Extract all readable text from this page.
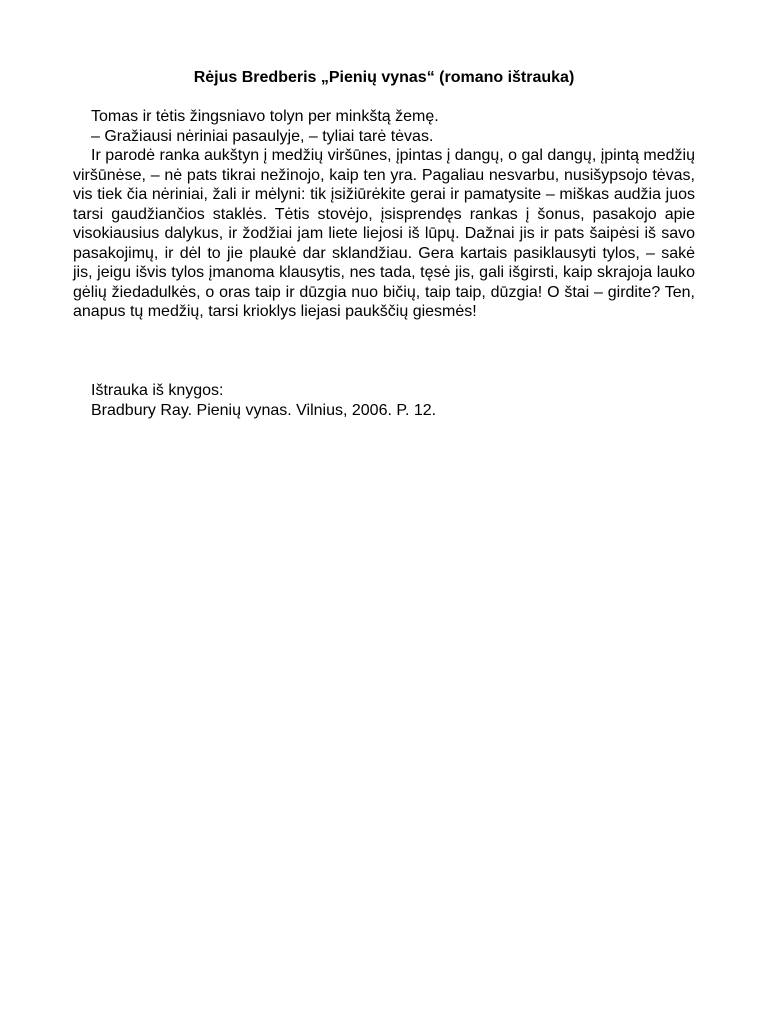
Rėjus Bredberis „Pienių vynas“ (romano ištrauka)

Tomas ir tėtis žingsniavo tolyn per minkštą žemę.

– Gražiausi nėriniai pasaulyje, – tyliai tarė tėvas.

Ir parodė ranka aukštyn į medžių viršūnes, įpintas į dangų, o gal dangų, įpintą medžių viršūnėse, – nė pats tikrai nežinojo, kaip ten yra. Pagaliau nesvarbu, nusišypsojo tėvas, vis tiek čia nėriniai, žali ir mėlyni: tik įsižiūrėkite gerai ir pamatysite – miškas audžia juos tarsi gaudžiančios staklės. Tėtis stovėjo, įsisprendęs rankas į šonus, pasakojo apie visokiausius dalykus, ir žodžiai jam liete liejosi iš lūpų. Dažnai jis ir pats šaipėsi iš savo pasakojimų, ir dėl to jie plaukė dar sklandžiau. Gera kartais pasiklausyti tylos, – sakė jis, jeigu išvis tylos įmanoma klausytis, nes tada, tęsė jis, gali išgirsti, kaip skrajoja lauko gėlių žiedadulkės, o oras taip ir dūzgia nuo bičių, taip taip, dūzgia! O štai – girdite? Ten, anapus tų medžių, tarsi krioklys liejasi paukščių giesmės!

Ištrauka iš knygos:

Bradbury Ray. Pienių vynas. Vilnius, 2006. P. 12.
